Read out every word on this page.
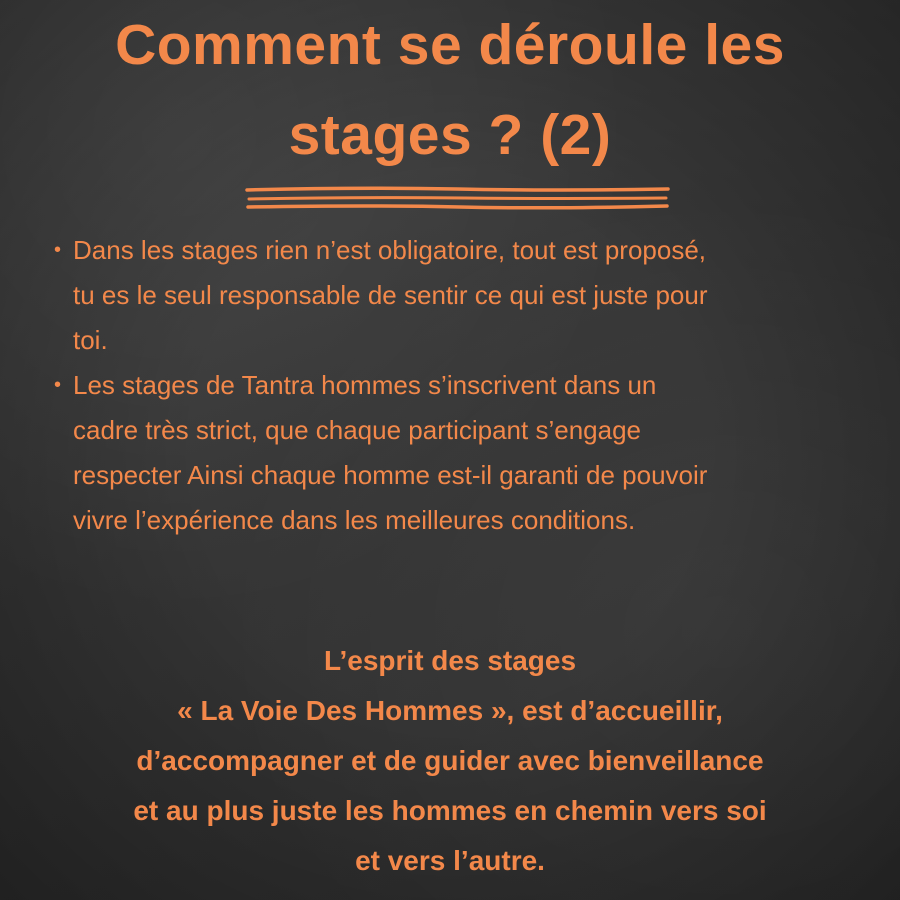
Comment se déroule les
stages ? (2)
• Dans les stages rien n’est obligatoire, tout est proposé,
tu es le seul responsable de sentir ce qui est juste pour
toi.
• Les stages de Tantra hommes s’inscrivent dans un
cadre très strict, que chaque participant s’engage
respecter Ainsi chaque homme est-il garanti de pouvoir
vivre l’expérience dans les meilleures conditions.
L’esprit des stages
« La Voie Des Hommes », est d’accueillir,
d’accompagner et de guider avec bienveillance
et au plus juste les hommes en chemin vers soi
et vers l’autre.
